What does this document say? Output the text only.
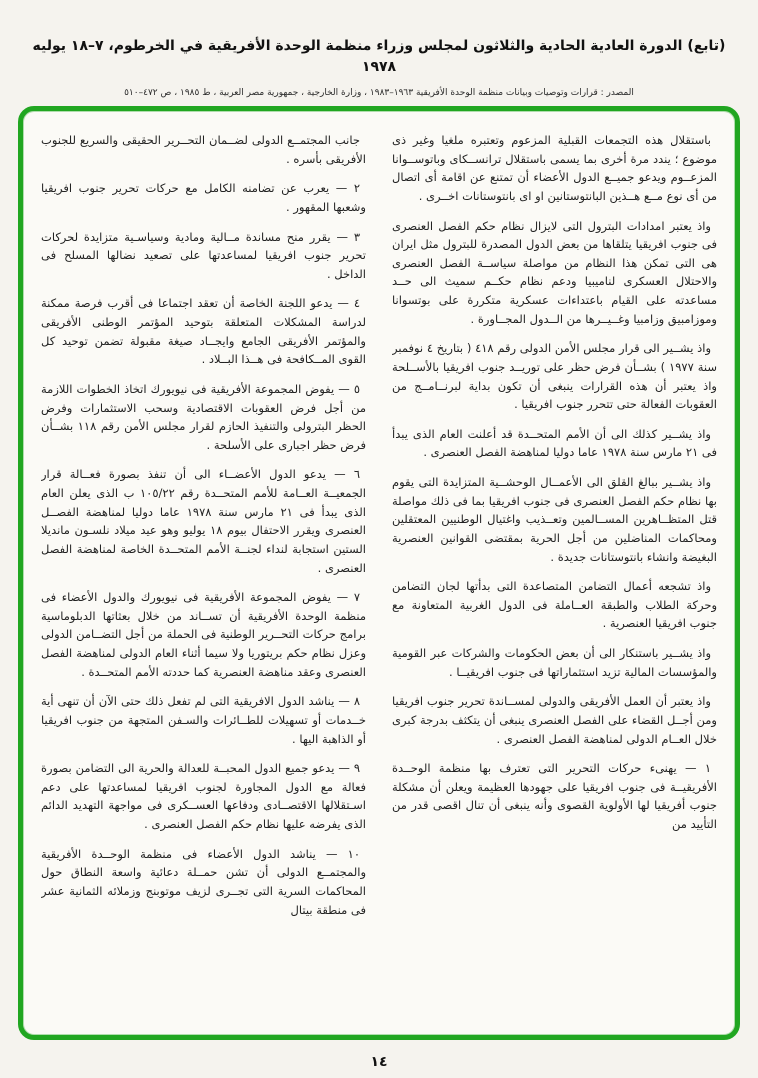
(تابع) الدورة العادية الحادية والثلاثون لمجلس وزراء منظمة الوحدة الأفريقية في الخرطوم، ٧–١٨ يوليه ١٩٧٨
المصدر : قرارات وتوصيات وبيانات منظمة الوحدة الأفريقية ١٩٦٣–١٩٨٣ ، وزارة الخارجية ، جمهورية مصر العربية ، ط ١٩٨٥ ، ص ٤٧٢–٥١٠

باستقلال هذه التجمعات القبلية المزعوم وتعتبره ملغيا وغير ذى موضوع ؛ يندد مرة أخرى بما يسمى باستقلال ترانســكاى وباتوســوانا المزعــوم ويدعو جميــع الدول الأعضاء أن تمتنع عن اقامة أى اتصال من أى نوع مــع هــذين البانتوستانين او اى بانتوستانات اخــرى .

واذ يعتبر امدادات البترول التى لايزال نظام حكم الفصل العنصرى فى جنوب افريقيا يتلقاها من بعض الدول المصدرة للبترول مثل ايران هى التى تمكن هذا النظام من مواصلة سياســة الفصل العنصرى والاحتلال العسكرى لناميبيا ودعم نظام حكــم سميث الى حــد مساعدته على القيام باعتداءات عسكرية متكررة على بوتسوانا وموزامبيق وزامبيا وغــيــرها من الــدول المجــاورة .

واذ يشــير الى قرار مجلس الأمن الدولى رقم ٤١٨ ( بتاريخ ٤ نوفمبر سنة ١٩٧٧ ) بشــأن فرض حظر على توريــد جنوب افريقيا بالأســلحة واذ يعتبر أن هذه القرارات ينبغى أن تكون بداية لبرنــامــج من العقوبات الفعالة حتى تتحرر جنوب افريقيا .

واذ يشــير كذلك الى أن الأمم المتحــدة قد أعلنت العام الذى يبدأ فى ٢١ مارس سنة ١٩٧٨ عاما دوليا لمناهضة الفصل العنصرى .

واذ يشــير ببالغ القلق الى الأعمــال الوحشــية المتزايدة التى يقوم بها نظام حكم الفصل العنصرى فى جنوب افريقيا بما فى ذلك مواصلة قتل المتظــاهرين المســالمين وتعــذيب واغتيال الوطنيين المعتقلين ومحاكمات المناضلين من أجل الحرية بمقتضى القوانين العنصرية البغيضة وانشاء بانتوستانات جديدة .

واذ تشجعه أعمال التضامن المتصاعدة التى بدأتها لجان التضامن وحركة الطلاب والطبقة العــاملة فى الدول الغربية المتعاونة مع جنوب افريقيا العنصرية .

واذ يشــير باستنكار الى أن بعض الحكومات والشركات عبر القومية والمؤسسات المالية تزيد استثماراتها فى جنوب افريقيــا .

واذ يعتبر أن العمل الأفريقى والدولى لمســاندة تحرير جنوب افريقيا ومن أجــل القضاء على الفصل العنصرى ينبغى أن يتكثف بدرجة كبرى خلال العــام الدولى لمناهضة الفصل العنصرى .

١ — يهنىء حركات التحرير التى تعترف بها منظمة الوحــدة الأفريقيــة فى جنوب افريقيا على جهودها العظيمة ويعلن أن مشكلة جنوب أفريقيا لها الأولوية القصوى وأنه ينبغى أن تنال اقصى قدر من التأييد من

جانب المجتمــع الدولى لضــمان التحــرير الحقيقى والسريع للجنوب الأفريقى بأسره .

٢ — يعرب عن تضامنه الكامل مع حركات تحرير جنوب افريقيا وشعبها المقهور .

٣ — يقرر منح مساندة مــالية ومادية وسياسـية متزايدة لحركات تحرير جنوب افريقيا لمساعدتها على تصعيد نضالها المسلح فى الداخل .

٤ — يدعو اللجنة الخاصة أن تعقد اجتماعا فى أقرب فرصة ممكنة لدراسة المشكلات المتعلقة بتوحيد المؤتمر الوطنى الأفريقى والمؤتمر الأفريقى الجامع وايجــاد صيغة مقبولة تضمن توحيد كل القوى المــكافحة فى هــذا البــلاد .

٥ — يفوض المجموعة الأفريقية فى نيويورك اتخاذ الخطوات اللازمة من أجل فرض العقوبات الاقتصادية وسحب الاستثمارات وفرض الحظر البترولى والتنفيذ الحازم لقرار مجلس الأمن رقم ١١٨ بشــأن فرض حظر اجبارى على الأسلحة .

٦ — يدعو الدول الأعضــاء الى أن تنفذ بصورة فعــالة قرار الجمعيــة العــامة للأمم المتحــدة رقم ١٠٥/٢٢ ب الذى يعلن العام الذى يبدأ فى ٢١ مارس سنة ١٩٧٨ عاما دوليا لمناهضة الفصــل العنصرى ويقرر الاحتفال بيوم ١٨ يوليو وهو عيد ميلاد نلسـون مانديلا الستين استجابة لنداء لجنــة الأمم المتحــدة الخاصة لمناهضة الفصل العنصرى .

٧ — يفوض المجموعة الأفريقية فى نيويورك والدول الأعضاء فى منظمة الوحدة الأفريقية أن تســاند من خلال بعثاتها الدبلوماسية برامج حركات التحــرير الوطنية فى الحملة من أجل التضــامن الدولى وعزل نظام حكم بريتوريا ولا سيما أثناء العام الدولى لمناهضة الفصل العنصرى وعقد مناهضة العنصرية كما حددته الأمم المتحــدة .

٨ — يناشد الدول الافريقية التى لم تفعل ذلك حتى الآن أن تنهى أية خــدمات أو تسهيلات للطــائرات والسـفن المتجهة من جنوب افريقيا أو الذاهبة اليها .

٩ — يدعو جميع الدول المحبــة للعدالة والحرية الى التضامن بصورة فعالة مع الدول المجاورة لجنوب افريقيا لمساعدتها على دعم اسـتقلالها الاقتصــادى ودفاعها العســكرى فى مواجهة التهديد الدائم الذى يفرضه عليها نظام حكم الفصل العنصرى .

١٠ — يناشد الدول الأعضاء فى منظمة الوحــدة الأفريقية والمجتمــع الدولى أن تشن حمــلة دعائية واسعة النطاق حول المحاكمات السرية التى تجــرى لزيف موتوبنج وزملائه الثمانية عشر فى منطقة بيتال

١٤
